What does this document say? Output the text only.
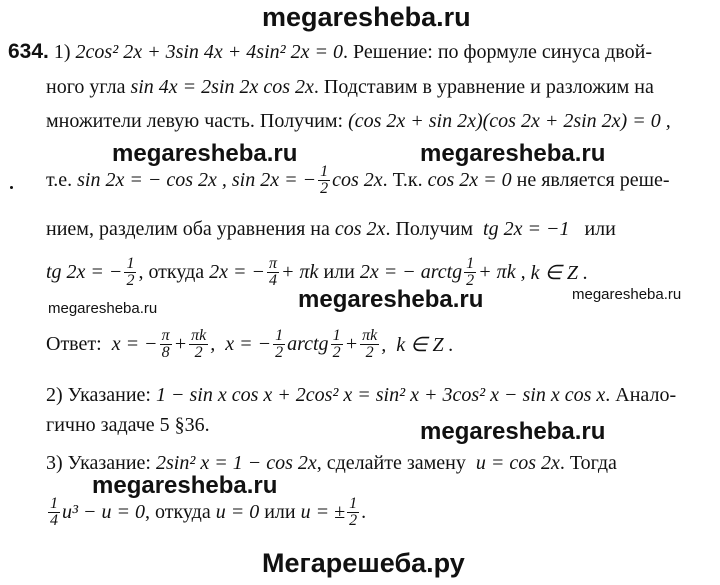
megaresheba.ru
634. 1) 2cos² 2x + 3sin 4x + 4sin² 2x = 0. Решение: по формуле синуса двой-
ного угла sin 4x = 2sin 2x cos 2x. Подставим в уравнение и разложим на
множители левую часть. Получим: (cos 2x + sin 2x)(cos 2x + 2sin 2x) = 0 ,
megaresheba.ru	megaresheba.ru
т.е.
sin 2x = − cos 2x , sin 2x = − $\frac{1}{2}$ cos 2x . Т.к.
cos 2x = 0
не является реше-
нием, разделим оба уравнения на cos 2x. Получим tg 2x = −1 или
tg 2x = − $\frac{1}{2}$ , откуда
2x = − $\frac{\pi}{4} + \pi k$
или
2x = − arctg $\frac{1}{2} + \pi k$ ,
k ∈ Z .
megaresheba.ru	megaresheba.ru	megaresheba.ru
Ответ:
x = − $\frac{\pi}{8} + \frac{\pi k}{2}$ ,  x = − $\frac{1}{2}$ arctg $\frac{1}{2} + \frac{\pi k}{2}$ ,  k ∈ Z .
2) Указание: 1 − sin x cos x + 2cos² x = sin² x + 3cos² x − sin x cos x. Анало-
гично задаче 5 §36.	megaresheba.ru
3) Указание: 2sin² x = 1 − cos 2x, сделайте замену u = cos 2x. Тогда
megaresheba.ru
$\frac{1}{4} u^3 - u = 0$ , откуда
u = 0
или
u = ± $\frac{1}{2}$ .
Мегарешеба.ру
